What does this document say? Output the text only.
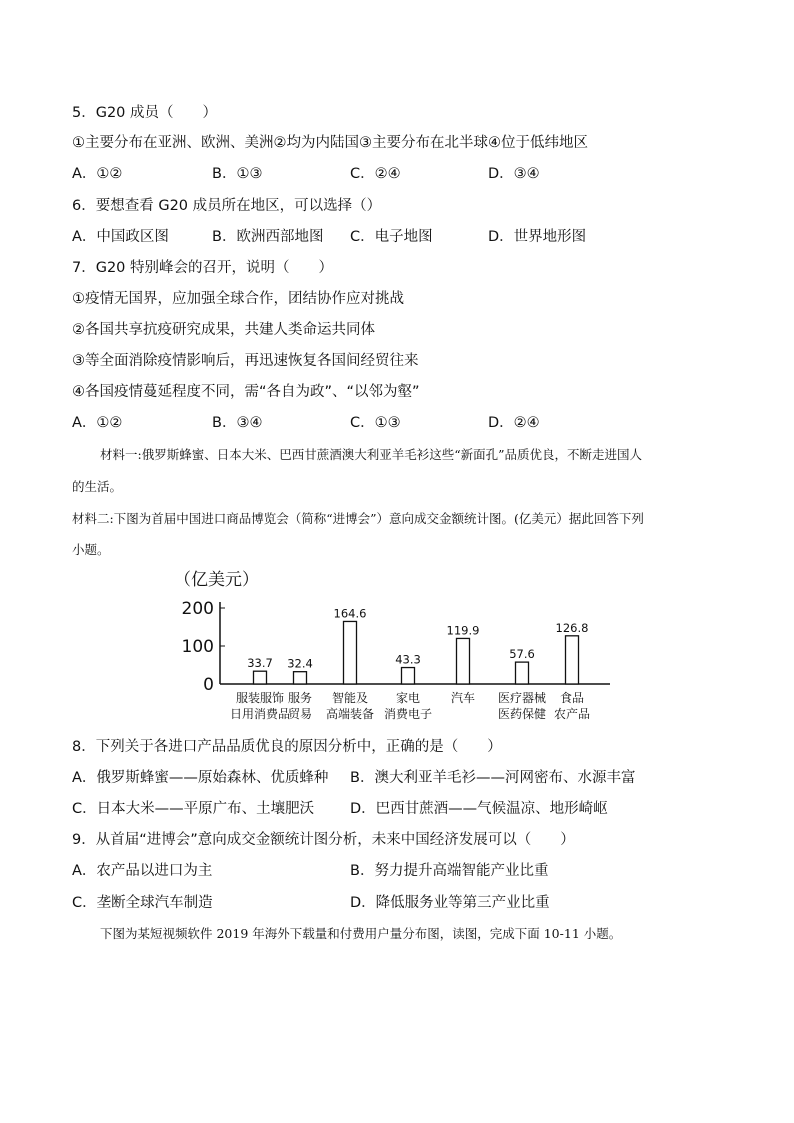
5．G20 成员（　　）
①主要分布在亚洲、欧洲、美洲②均为内陆国③主要分布在北半球④位于低纬地区
A．①②	B．①③	C．②④	D．③④
6．要想查看 G20 成员所在地区，可以选择（）
A．中国政区图	B．欧洲西部地图 C．电子地图	D．世界地形图
7．G20 特别峰会的召开，说明（　　）
①疫情无国界，应加强全球合作，团结协作应对挑战
②各国共享抗疫研究成果，共建人类命运共同体
③等全面消除疫情影响后，再迅速恢复各国间经贸往来
④各国疫情蔓延程度不同，需“各自为政”、“以邻为壑”
A．①②	B．③④	C．①③	D．②④
材料一:俄罗斯蜂蜜、日本大米、巴西甘蔗酒澳大利亚羊毛衫这些“新面孔”品质优良，不断走进国人
的生活。
材料二:下图为首届中国进口商品博览会（简称“进博会”）意向成交金额统计图。(亿美元）据此回答下列
小题。
（亿美元）
0
100
200
33.7
服装服饰
日用消费品
32.4
服务
贸易
164.6
智能及
高端装备
43.3
家电
消费电子
119.9
汽车
57.6
医疗器械
医药保健
126.8
食品
农产品
8．下列关于各进口产品品质优良的原因分析中，正确的是（　　）
A．俄罗斯蜂蜜——原始森林、优质蜂种 B．澳大利亚羊毛衫——河网密布、水源丰富
C．日本大米——平原广布、土壤肥沃 D．巴西甘蔗酒——气候温凉、地形崎岖
9．从首届“进博会”意向成交金额统计图分析，未来中国经济发展可以（　　）
A．农产品以进口为主	B．努力提升高端智能产业比重
C．垄断全球汽车制造	D．降低服务业等第三产业比重
下图为某短视频软件 2019 年海外下载量和付费用户量分布图，读图，完成下面 10-11 小题。
